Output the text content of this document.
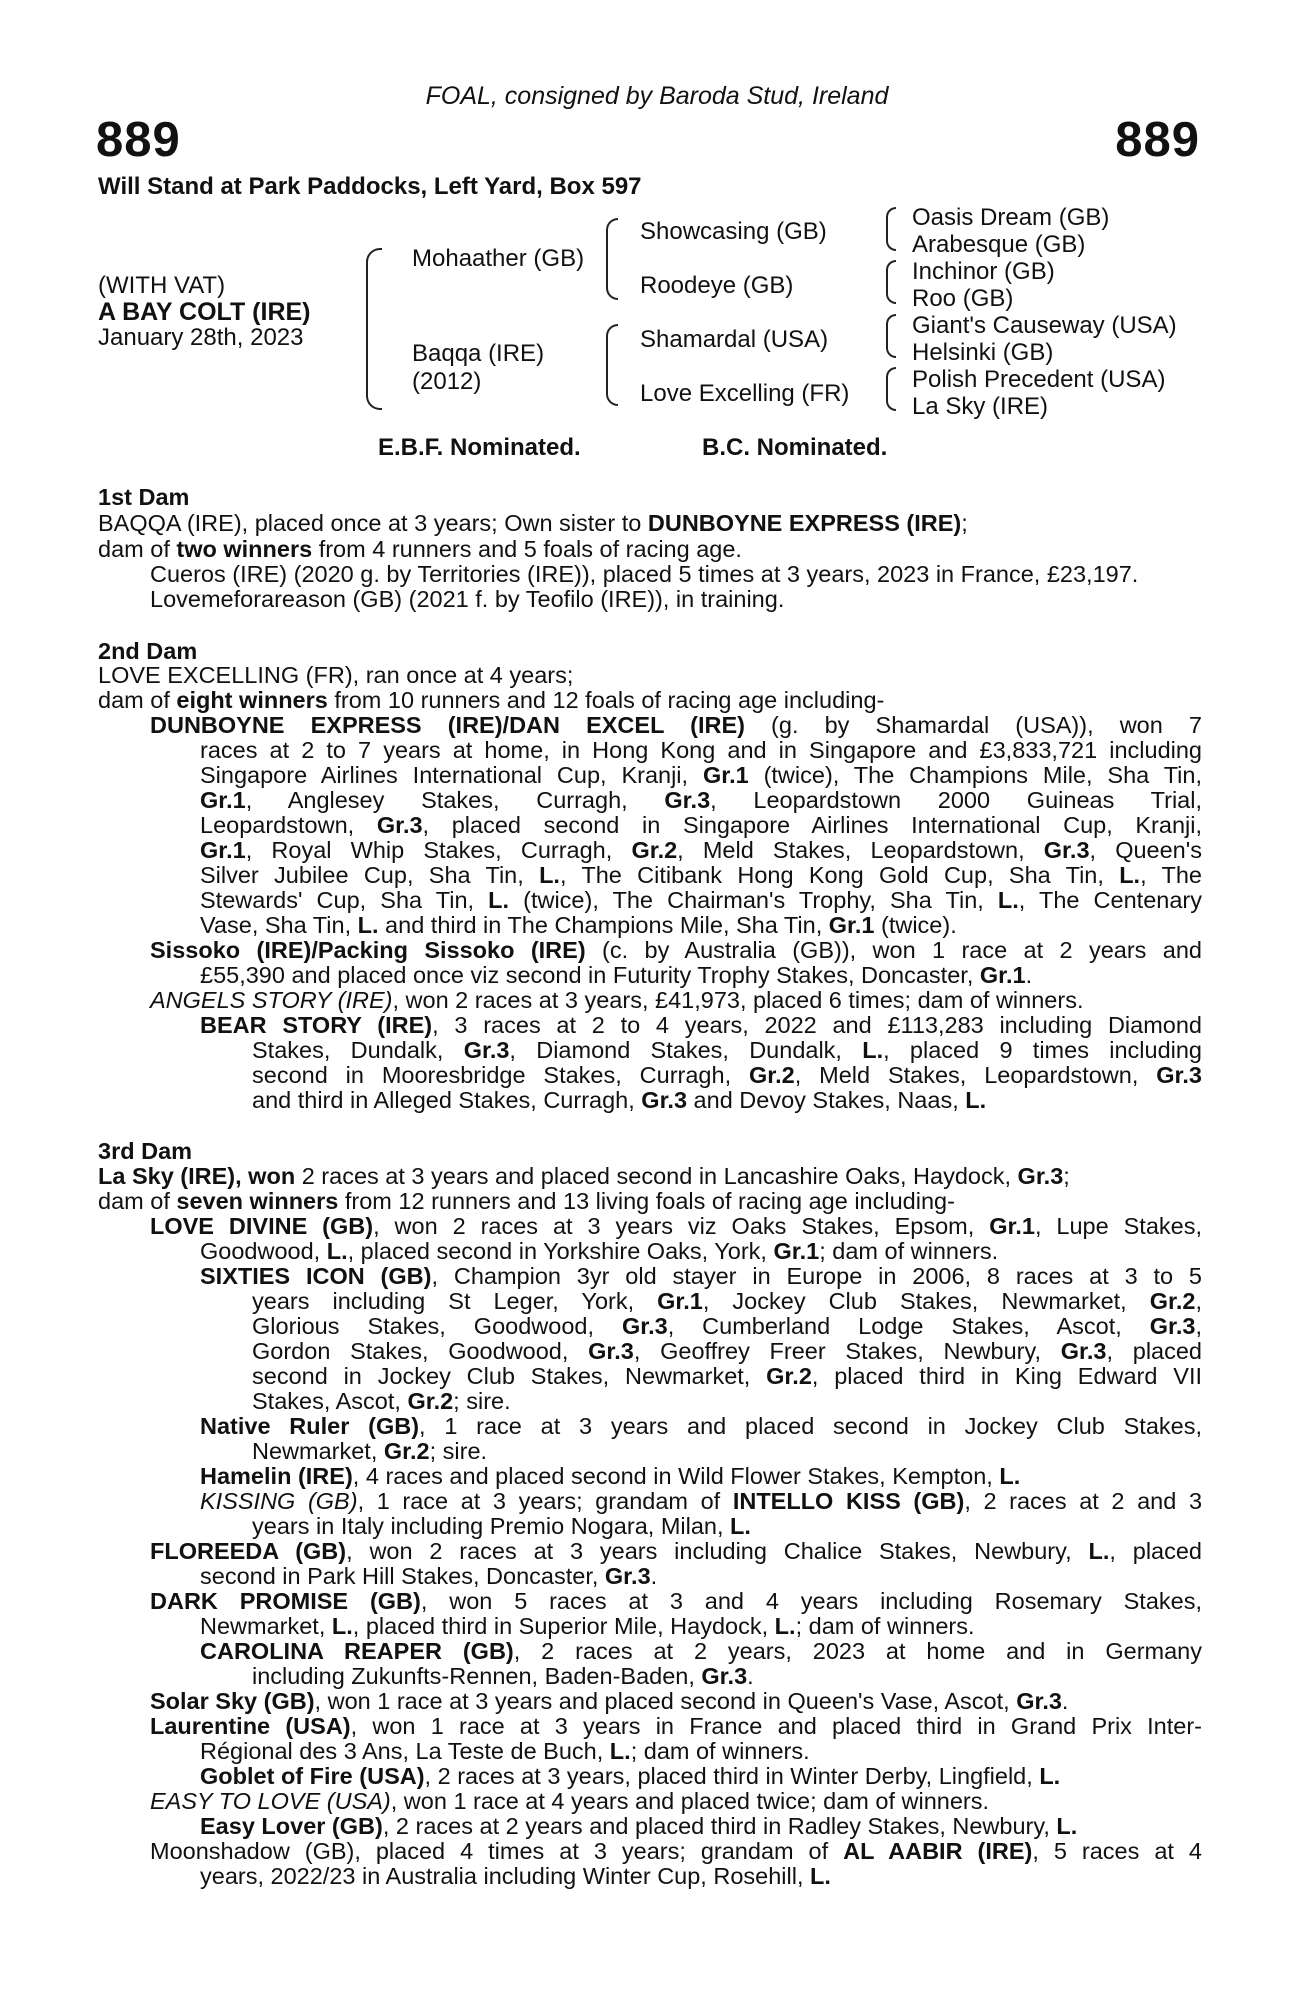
FOAL, consigned by Baroda Stud, Ireland
889	889
Will Stand at Park Paddocks, Left Yard, Box 597
(WITH VAT)
A BAY COLT (IRE)
January 28th, 2023
Mohaather (GB)
Baqqa (IRE)
(2012)
Showcasing (GB)
Roodeye (GB)
Shamardal (USA)
Love Excelling (FR)
Oasis Dream (GB)
Arabesque (GB)
Inchinor (GB)
Roo (GB)
Giant's Causeway (USA)
Helsinki (GB)
Polish Precedent (USA)
La Sky (IRE)
E.B.F. Nominated.	B.C. Nominated.
1st Dam
BAQQA (IRE), placed once at 3 years; Own sister to DUNBOYNE EXPRESS (IRE);
dam of two winners from 4 runners and 5 foals of racing age.
Cueros (IRE) (2020 g. by Territories (IRE)), placed 5 times at 3 years, 2023 in France, £23,197.
Lovemeforareason (GB) (2021 f. by Teofilo (IRE)), in training.
2nd Dam
LOVE EXCELLING (FR), ran once at 4 years;
dam of eight winners from 10 runners and 12 foals of racing age including-
DUNBOYNE EXPRESS (IRE)/DAN EXCEL (IRE) (g. by Shamardal (USA)), won 7
races at 2 to 7 years at home, in Hong Kong and in Singapore and £3,833,721 including
Singapore Airlines International Cup, Kranji, Gr.1 (twice), The Champions Mile, Sha Tin,
Gr.1, Anglesey Stakes, Curragh, Gr.3, Leopardstown 2000 Guineas Trial,
Leopardstown, Gr.3, placed second in Singapore Airlines International Cup, Kranji,
Gr.1, Royal Whip Stakes, Curragh, Gr.2, Meld Stakes, Leopardstown, Gr.3, Queen's
Silver Jubilee Cup, Sha Tin, L., The Citibank Hong Kong Gold Cup, Sha Tin, L., The
Stewards' Cup, Sha Tin, L. (twice), The Chairman's Trophy, Sha Tin, L., The Centenary
Vase, Sha Tin, L. and third in The Champions Mile, Sha Tin, Gr.1 (twice).
Sissoko (IRE)/Packing Sissoko (IRE) (c. by Australia (GB)), won 1 race at 2 years and
£55,390 and placed once viz second in Futurity Trophy Stakes, Doncaster, Gr.1.
ANGELS STORY (IRE), won 2 races at 3 years, £41,973, placed 6 times; dam of winners.
BEAR STORY (IRE), 3 races at 2 to 4 years, 2022 and £113,283 including Diamond
Stakes, Dundalk, Gr.3, Diamond Stakes, Dundalk, L., placed 9 times including
second in Mooresbridge Stakes, Curragh, Gr.2, Meld Stakes, Leopardstown, Gr.3
and third in Alleged Stakes, Curragh, Gr.3 and Devoy Stakes, Naas, L.
3rd Dam
La Sky (IRE), won 2 races at 3 years and placed second in Lancashire Oaks, Haydock, Gr.3;
dam of seven winners from 12 runners and 13 living foals of racing age including-
LOVE DIVINE (GB), won 2 races at 3 years viz Oaks Stakes, Epsom, Gr.1, Lupe Stakes,
Goodwood, L., placed second in Yorkshire Oaks, York, Gr.1; dam of winners.
SIXTIES ICON (GB), Champion 3yr old stayer in Europe in 2006, 8 races at 3 to 5
years including St Leger, York, Gr.1, Jockey Club Stakes, Newmarket, Gr.2,
Glorious Stakes, Goodwood, Gr.3, Cumberland Lodge Stakes, Ascot, Gr.3,
Gordon Stakes, Goodwood, Gr.3, Geoffrey Freer Stakes, Newbury, Gr.3, placed
second in Jockey Club Stakes, Newmarket, Gr.2, placed third in King Edward VII
Stakes, Ascot, Gr.2; sire.
Native Ruler (GB), 1 race at 3 years and placed second in Jockey Club Stakes,
Newmarket, Gr.2; sire.
Hamelin (IRE), 4 races and placed second in Wild Flower Stakes, Kempton, L.
KISSING (GB), 1 race at 3 years; grandam of INTELLO KISS (GB), 2 races at 2 and 3
years in Italy including Premio Nogara, Milan, L.
FLOREEDA (GB), won 2 races at 3 years including Chalice Stakes, Newbury, L., placed
second in Park Hill Stakes, Doncaster, Gr.3.
DARK PROMISE (GB), won 5 races at 3 and 4 years including Rosemary Stakes,
Newmarket, L., placed third in Superior Mile, Haydock, L.; dam of winners.
CAROLINA REAPER (GB), 2 races at 2 years, 2023 at home and in Germany
including Zukunfts-Rennen, Baden-Baden, Gr.3.
Solar Sky (GB), won 1 race at 3 years and placed second in Queen's Vase, Ascot, Gr.3.
Laurentine (USA), won 1 race at 3 years in France and placed third in Grand Prix Inter-
Régional des 3 Ans, La Teste de Buch, L.; dam of winners.
Goblet of Fire (USA), 2 races at 3 years, placed third in Winter Derby, Lingfield, L.
EASY TO LOVE (USA), won 1 race at 4 years and placed twice; dam of winners.
Easy Lover (GB), 2 races at 2 years and placed third in Radley Stakes, Newbury, L.
Moonshadow (GB), placed 4 times at 3 years; grandam of AL AABIR (IRE), 5 races at 4
years, 2022/23 in Australia including Winter Cup, Rosehill, L.
